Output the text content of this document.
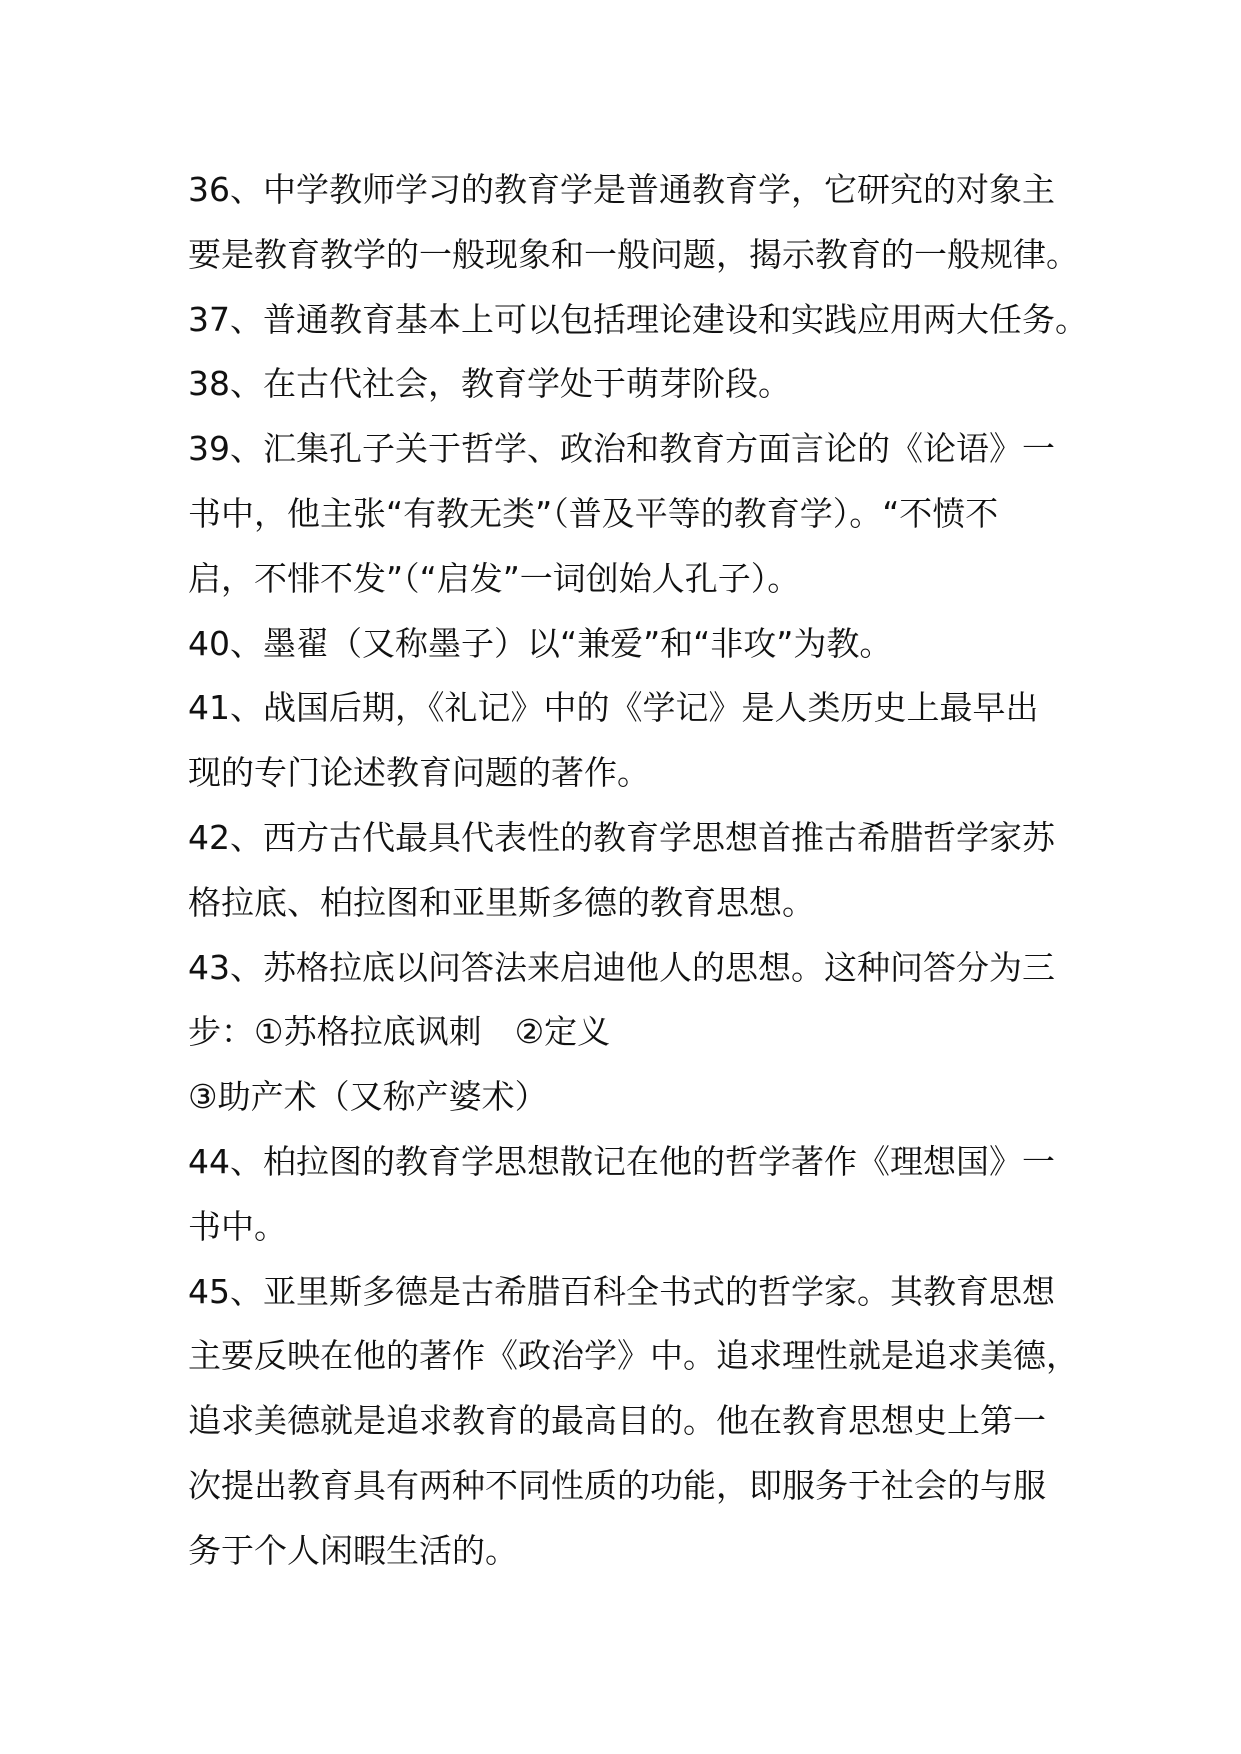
36、中学教师学习的教育学是普通教育学，它研究的对象主
要是教育教学的一般现象和一般问题，揭示教育的一般规律。
37、普通教育基本上可以包括理论建设和实践应用两大任务。
38、在古代社会，教育学处于萌芽阶段。
39、汇集孔子关于哲学、政治和教育方面言论的《论语》一
书中，他主张“有教无类”（普及平等的教育学）。“不愤不
启，不悱不发”（“启发”一词创始人孔子）。
40、墨翟（又称墨子）以“兼爱”和“非攻”为教。
41、战国后期，《礼记》中的《学记》是人类历史上最早出
现的专门论述教育问题的著作。
42、西方古代最具代表性的教育学思想首推古希腊哲学家苏
格拉底、柏拉图和亚里斯多德的教育思想。
43、苏格拉底以问答法来启迪他人的思想。这种问答分为三
步：①苏格拉底讽刺　②定义
③助产术（又称产婆术）
44、柏拉图的教育学思想散记在他的哲学著作《理想国》一
书中。
45、亚里斯多德是古希腊百科全书式的哲学家。其教育思想
主要反映在他的著作《政治学》中。追求理性就是追求美德，
追求美德就是追求教育的最高目的。他在教育思想史上第一
次提出教育具有两种不同性质的功能，即服务于社会的与服
务于个人闲暇生活的。
